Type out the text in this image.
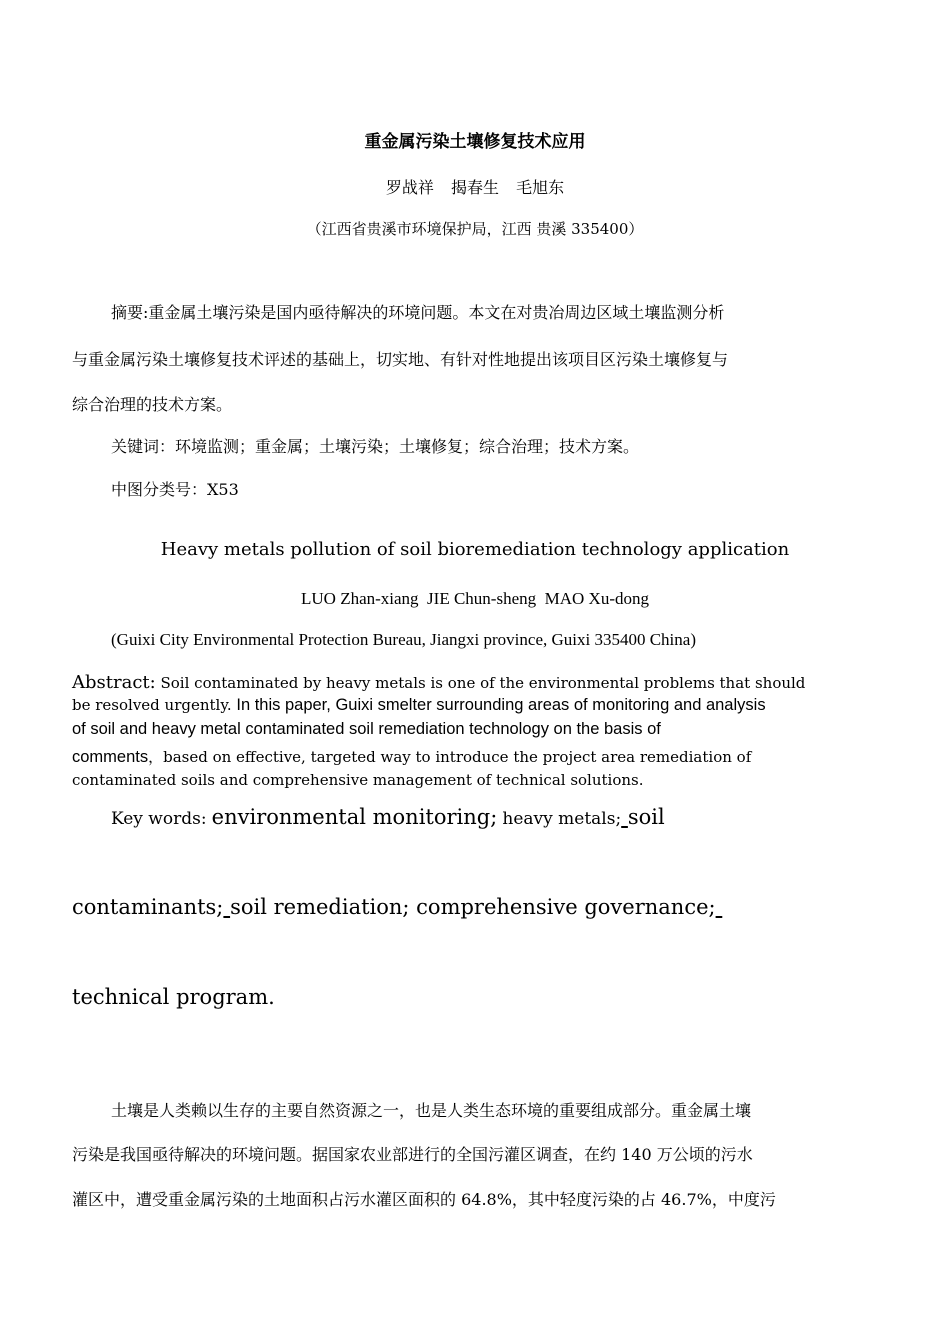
重金属污染土壤修复技术应用
罗战祥 揭春生 毛旭东
（江西省贵溪市环境保护局，江西 贵溪 335400）
摘要:重金属土壤污染是国内亟待解决的环境问题。本文在对贵冶周边区域土壤监测分析
与重金属污染土壤修复技术评述的基础上，切实地、有针对性地提出该项目区污染土壤修复与
综合治理的技术方案。
关键词：环境监测；重金属；土壤污染；土壤修复；综合治理；技术方案。
中图分类号：X53
Heavy metals pollution of soil bioremediation technology application
LUO Zhan-xiang  JIE Chun-sheng  MAO Xu-dong
(Guixi City Environmental Protection Bureau, Jiangxi province, Guixi 335400 China)
Abstract: Soil contaminated by heavy metals is one of the environmental problems that should
be resolved urgently. In this paper, Guixi smelter surrounding areas of monitoring and analysis
of soil and heavy metal contaminated soil remediation technology on the basis of
comments，based on effective, targeted way to introduce the project area remediation of
contaminated soils and comprehensive management of technical solutions.
Key words: environmental monitoring; heavy metals; soil
contaminants; soil remediation; comprehensive governance;
technical program.
土壤是人类赖以生存的主要自然资源之一，也是人类生态环境的重要组成部分。重金属土壤
污染是我国亟待解决的环境问题。据国家农业部进行的全国污灌区调查，在约 140 万公顷的污水
灌区中，遭受重金属污染的土地面积占污水灌区面积的 64.8%，其中轻度污染的占 46.7%，中度污
